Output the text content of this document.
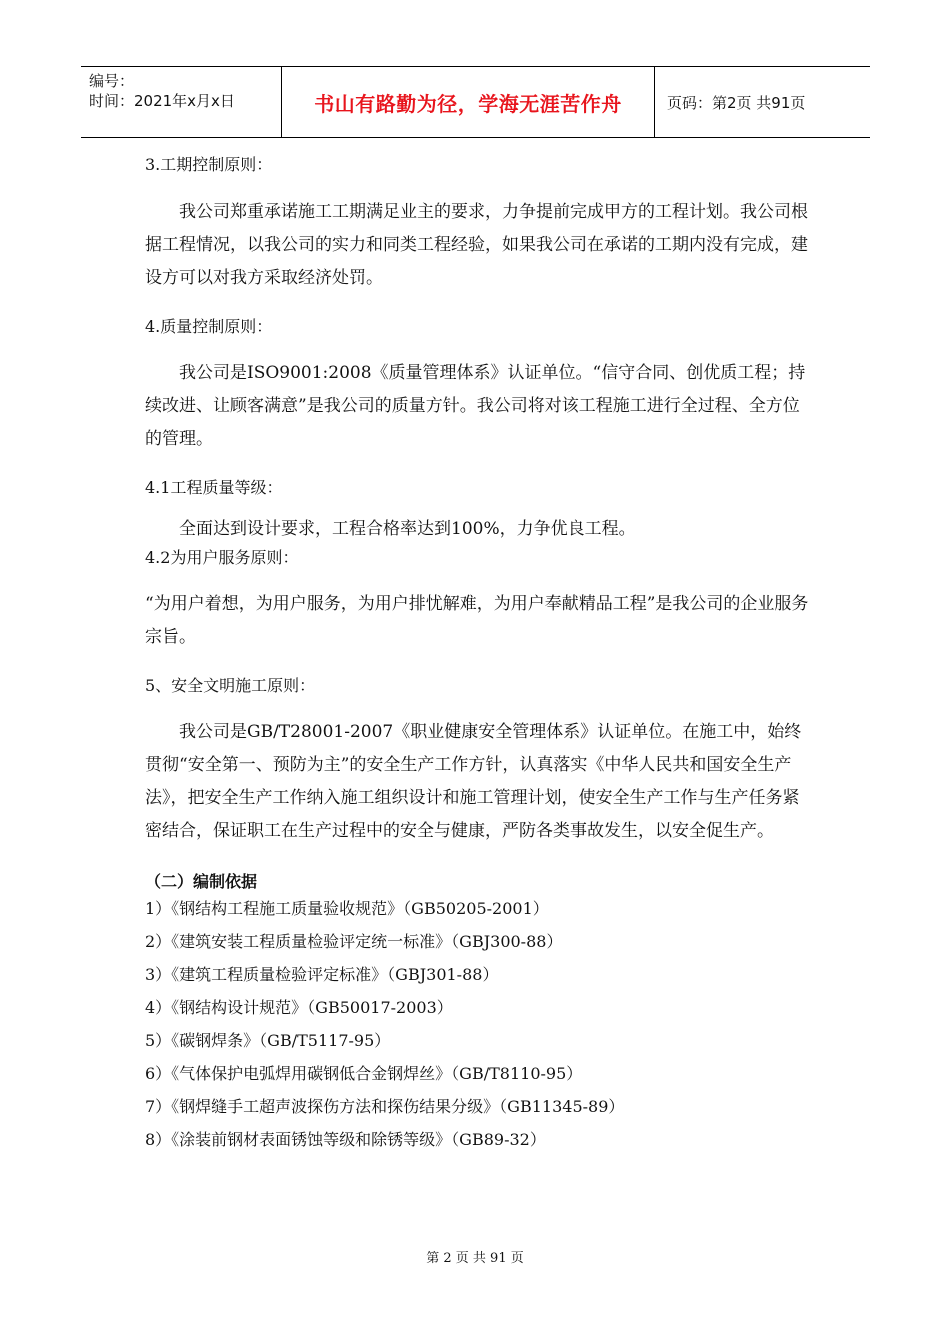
编号：
时间：2021年x月x日	书山有路勤为径，学海无涯苦作舟	页码：第2页 共91页
3.工期控制原则：
我公司郑重承诺施工工期满足业主的要求，力争提前完成甲方的工程计划。我公司根据工程情况，以我公司的实力和同类工程经验，如果我公司在承诺的工期内没有完成，建设方可以对我方采取经济处罚。
4.质量控制原则：
我公司是ISO9001:2008《质量管理体系》认证单位。“信守合同、创优质工程；持续改进、让顾客满意”是我公司的质量方针。我公司将对该工程施工进行全过程、全方位的管理。
4.1工程质量等级：
全面达到设计要求，工程合格率达到100%，力争优良工程。
4.2为用户服务原则：
“为用户着想，为用户服务，为用户排忧解难，为用户奉献精品工程”是我公司的企业服务宗旨。
5、安全文明施工原则：
我公司是GB/T28001-2007《职业健康安全管理体系》认证单位。在施工中，始终贯彻“安全第一、预防为主”的安全生产工作方针，认真落实《中华人民共和国安全生产法》，把安全生产工作纳入施工组织设计和施工管理计划，使安全生产工作与生产任务紧密结合，保证职工在生产过程中的安全与健康，严防各类事故发生，以安全促生产。
（二）编制依据
1）《钢结构工程施工质量验收规范》（GB50205-2001）
2）《建筑安装工程质量检验评定统一标准》（GBJ300-88）
3）《建筑工程质量检验评定标准》（GBJ301-88）
4）《钢结构设计规范》（GB50017-2003）
5）《碳钢焊条》（GB/T5117-95）
6）《气体保护电弧焊用碳钢低合金钢焊丝》（GB/T8110-95）
7）《钢焊缝手工超声波探伤方法和探伤结果分级》（GB11345-89）
8）《涂装前钢材表面锈蚀等级和除锈等级》（GB89-32）
第 2 页 共 91 页
